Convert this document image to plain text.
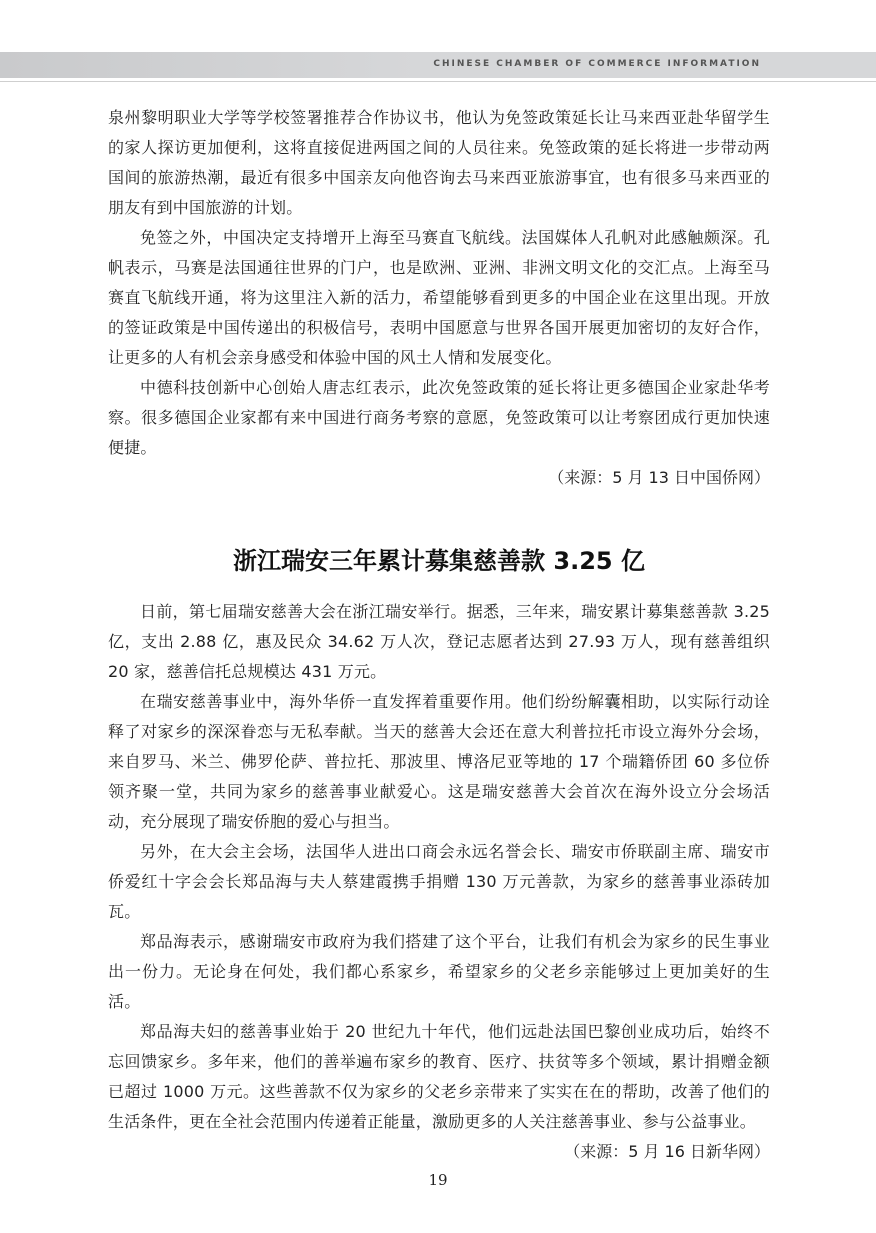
CHINESE CHAMBER OF COMMERCE INFORMATION

泉州黎明职业大学等学校签署推荐合作协议书，他认为免签政策延长让马来西亚赴华留学生的家人探访更加便利，这将直接促进两国之间的人员往来。免签政策的延长将进一步带动两国间的旅游热潮，最近有很多中国亲友向他咨询去马来西亚旅游事宜，也有很多马来西亚的朋友有到中国旅游的计划。

免签之外，中国决定支持增开上海至马赛直飞航线。法国媒体人孔帆对此感触颇深。孔帆表示，马赛是法国通往世界的门户，也是欧洲、亚洲、非洲文明文化的交汇点。上海至马赛直飞航线开通，将为这里注入新的活力，希望能够看到更多的中国企业在这里出现。开放的签证政策是中国传递出的积极信号，表明中国愿意与世界各国开展更加密切的友好合作，让更多的人有机会亲身感受和体验中国的风土人情和发展变化。

中德科技创新中心创始人唐志红表示，此次免签政策的延长将让更多德国企业家赴华考察。很多德国企业家都有来中国进行商务考察的意愿，免签政策可以让考察团成行更加快速便捷。

（来源：5 月 13 日中国侨网）

浙江瑞安三年累计募集慈善款 3.25 亿

日前，第七届瑞安慈善大会在浙江瑞安举行。据悉，三年来，瑞安累计募集慈善款 3.25 亿，支出 2.88 亿，惠及民众 34.62 万人次，登记志愿者达到 27.93 万人，现有慈善组织 20 家，慈善信托总规模达 431 万元。

在瑞安慈善事业中，海外华侨一直发挥着重要作用。他们纷纷解囊相助，以实际行动诠释了对家乡的深深眷恋与无私奉献。当天的慈善大会还在意大利普拉托市设立海外分会场，来自罗马、米兰、佛罗伦萨、普拉托、那波里、博洛尼亚等地的 17 个瑞籍侨团 60 多位侨领齐聚一堂，共同为家乡的慈善事业献爱心。这是瑞安慈善大会首次在海外设立分会场活动，充分展现了瑞安侨胞的爱心与担当。

另外，在大会主会场，法国华人进出口商会永远名誉会长、瑞安市侨联副主席、瑞安市侨爱红十字会会长郑品海与夫人蔡建霞携手捐赠 130 万元善款，为家乡的慈善事业添砖加瓦。

郑品海表示，感谢瑞安市政府为我们搭建了这个平台，让我们有机会为家乡的民生事业出一份力。无论身在何处，我们都心系家乡，希望家乡的父老乡亲能够过上更加美好的生活。

郑品海夫妇的慈善事业始于 20 世纪九十年代，他们远赴法国巴黎创业成功后，始终不忘回馈家乡。多年来，他们的善举遍布家乡的教育、医疗、扶贫等多个领域，累计捐赠金额已超过 1000 万元。这些善款不仅为家乡的父老乡亲带来了实实在在的帮助，改善了他们的生活条件，更在全社会范围内传递着正能量，激励更多的人关注慈善事业、参与公益事业。

（来源：5 月 16 日新华网）

19
